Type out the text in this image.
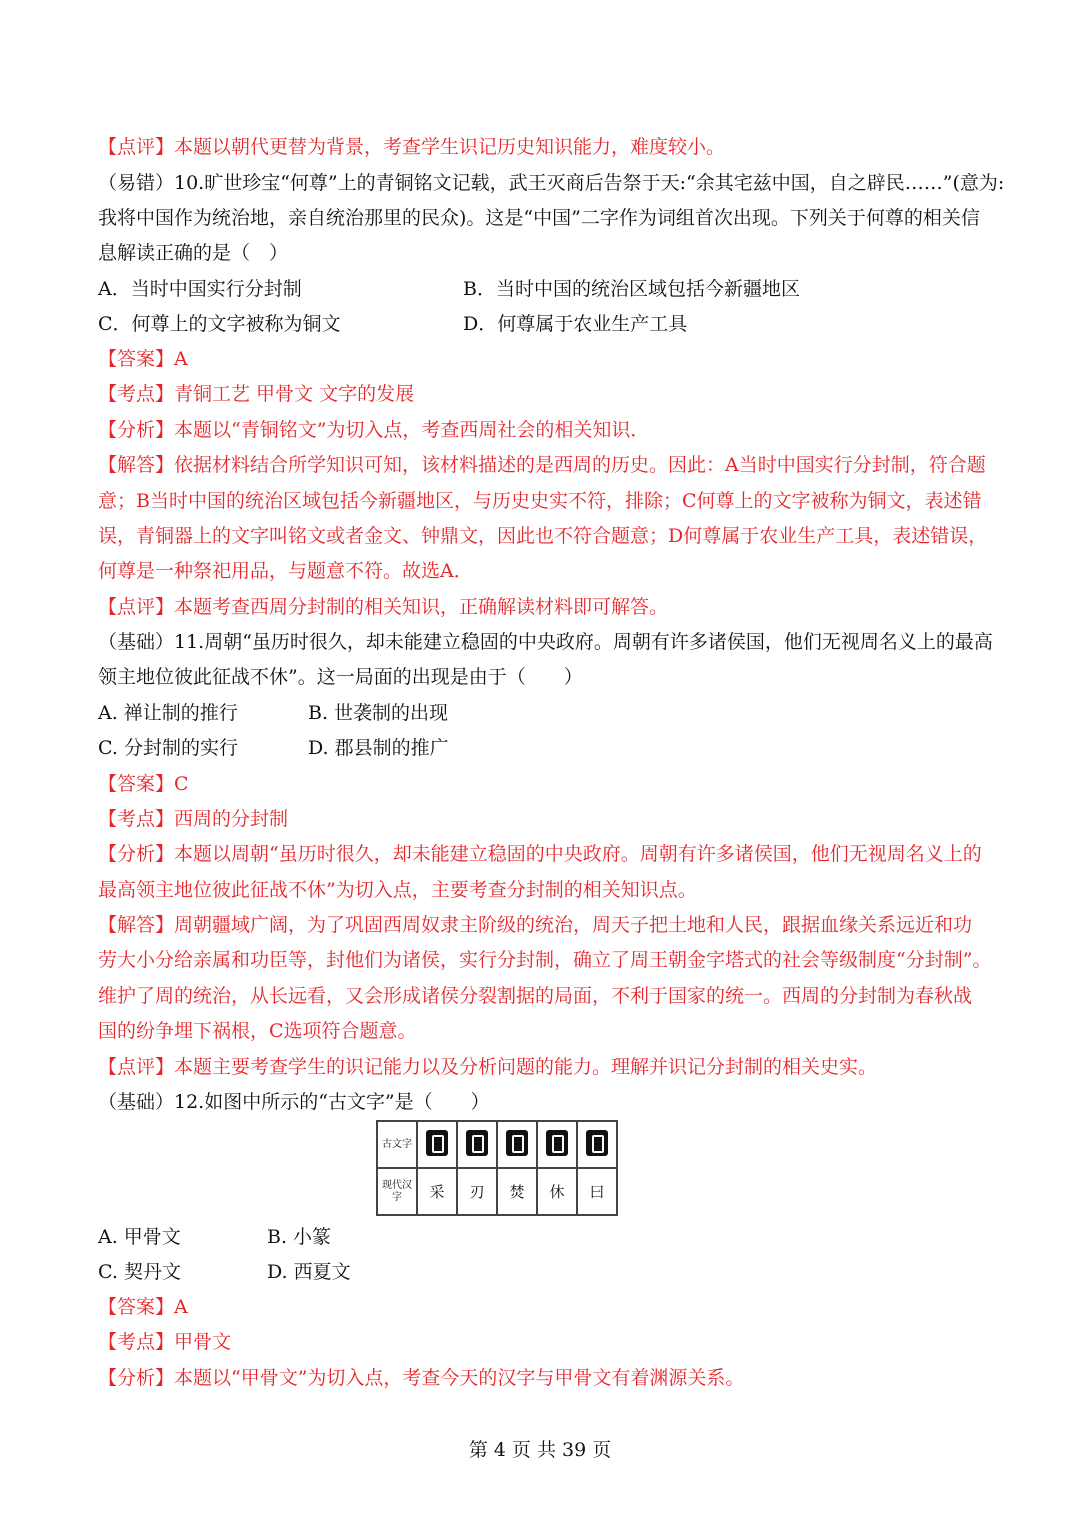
【点评】本题以朝代更替为背景，考查学生识记历史知识能力，难度较小。
（易错）10.旷世珍宝“何尊”上的青铜铭文记载，武王灭商后告祭于天:“余其宅兹中国，自之辟民……”(意为:
我将中国作为统治地，亲自统治那里的民众)。这是“中国”二字作为词组首次出现。下列关于何尊的相关信
息解读正确的是（　）
A．当时中国实行分封制	B．当时中国的统治区域包括今新疆地区
C．何尊上的文字被称为铜文	D．何尊属于农业生产工具
【答案】A
【考点】青铜工艺 甲骨文 文字的发展
【分析】本题以“青铜铭文”为切入点，考查西周社会的相关知识．
【解答】依据材料结合所学知识可知，该材料描述的是西周的历史。因此：A当时中国实行分封制，符合题
意；B当时中国的统治区域包括今新疆地区，与历史史实不符，排除；C何尊上的文字被称为铜文，表述错
误，青铜器上的文字叫铭文或者金文、钟鼎文，因此也不符合题意；D何尊属于农业生产工具，表述错误，
何尊是一种祭祀用品，与题意不符。故选A．
【点评】本题考查西周分封制的相关知识，正确解读材料即可解答。
（基础）11.周朝“虽历时很久，却未能建立稳固的中央政府。周朝有许多诸侯国，他们无视周名义上的最高
领主地位彼此征战不休”。这一局面的出现是由于（　　）
A. 禅让制的推行	B. 世袭制的出现
C. 分封制的实行	D. 郡县制的推广
【答案】C
【考点】西周的分封制
【分析】本题以周朝“虽历时很久，却未能建立稳固的中央政府。周朝有许多诸侯国，他们无视周名义上的
最高领主地位彼此征战不休”为切入点，主要考查分封制的相关知识点。
【解答】周朝疆域广阔，为了巩固西周奴隶主阶级的统治，周天子把土地和人民，跟据血缘关系远近和功
劳大小分给亲属和功臣等，封他们为诸侯，实行分封制，确立了周王朝金字塔式的社会等级制度“分封制”。
维护了周的统治，从长远看，又会形成诸侯分裂割据的局面，不利于国家的统一。西周的分封制为春秋战
国的纷争埋下祸根，C选项符合题意。
【点评】本题主要考查学生的识记能力以及分析问题的能力。理解并识记分封制的相关史实。
（基础）12.如图中所示的“古文字”是（　　）
古文字					
现代汉字	采	刃	焚	休	曰
A. 甲骨文	B. 小篆
C. 契丹文	D. 西夏文
【答案】A
【考点】甲骨文
【分析】本题以“甲骨文”为切入点，考查今天的汉字与甲骨文有着渊源关系。
第 4 页 共 39 页
